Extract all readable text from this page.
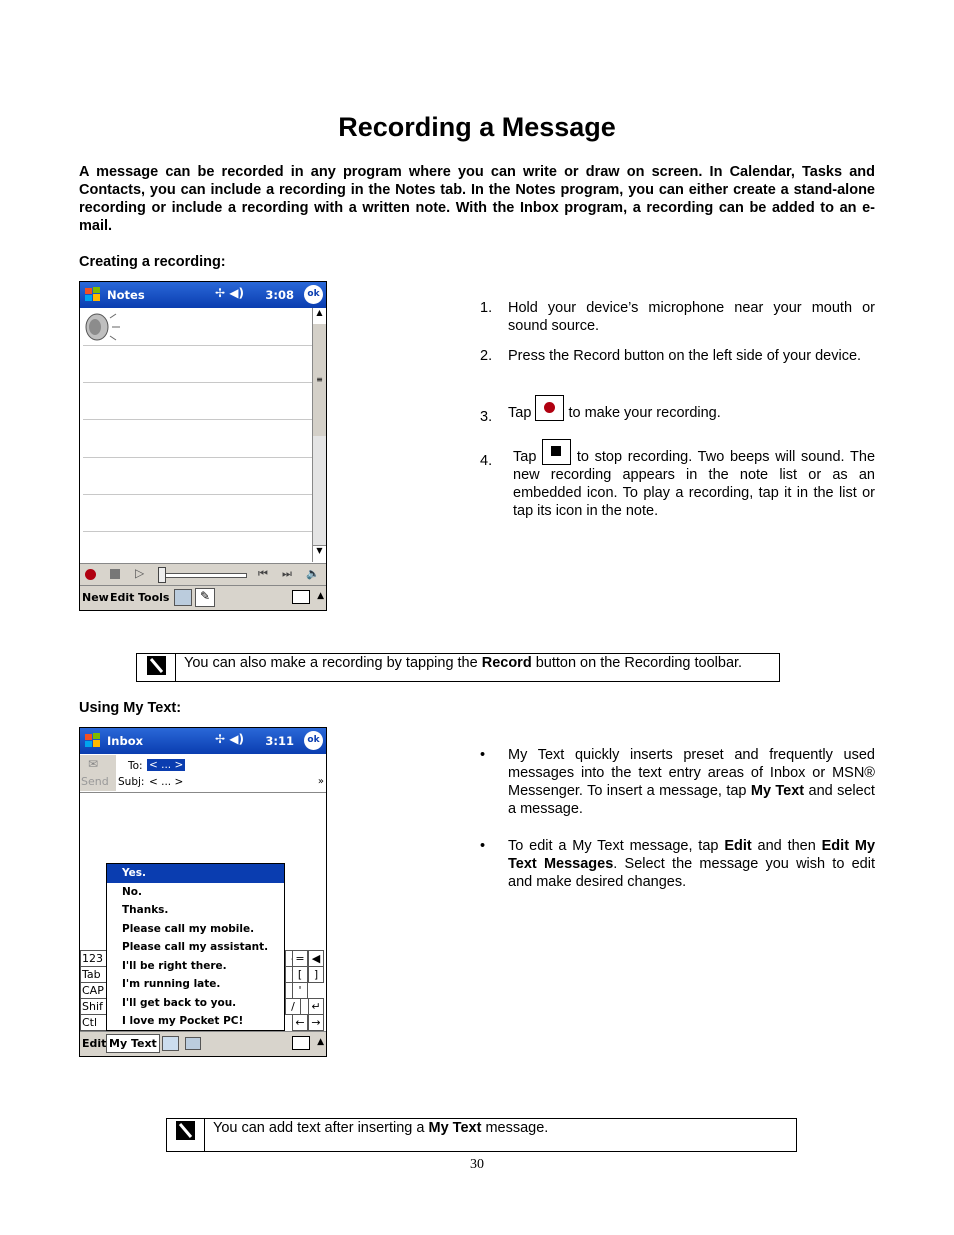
Recording a Message

A message can be recorded in any program where you can write or draw on screen. In Calendar, Tasks and Contacts, you can include a recording in the Notes tab. In the Notes program, you can either create a stand-alone recording or include a recording with a written note. With the Inbox program, a recording can be added to an e-mail.

Creating a recording:

Notes	✢ ◀︎) 3:08	ok
▲
≡
▼
▷	⏮ ⏭ 🔈
New Edit Tools	✎	▲
1. Hold your device’s microphone near your mouth or sound source.
2. Press the Record button on the left side of your device.
3. Tap	to make your recording.
4. Tap	to stop recording. Two beeps will sound. The new recording appears in the note list or as an embedded icon. To play a recording, tap it in the list or tap its icon in the note.
You can also make a recording by tapping the Record button on the Recording toolbar.

Using My Text:

Inbox	✢ ◀︎) 3:11	ok
✉
Send
To: < ... >
Subj: < ... >	»
123
Tab
CAP
Shif
Ctl
= ◀
[	]
'
/	↵
← →
Yes.
No.
Thanks.
Please call my mobile.
Please call my assistant.
I'll be right there.
I'm running late.
I'll get back to you.
I love my Pocket PC!
Edit My Text	▲
• My Text quickly inserts preset and frequently used messages into the text entry areas of Inbox or MSN® Messenger. To insert a message, tap My Text and select a message.
• To edit a My Text message, tap Edit and then Edit My Text Messages. Select the message you wish to edit and make desired changes.
You can add text after inserting a My Text message.
30
